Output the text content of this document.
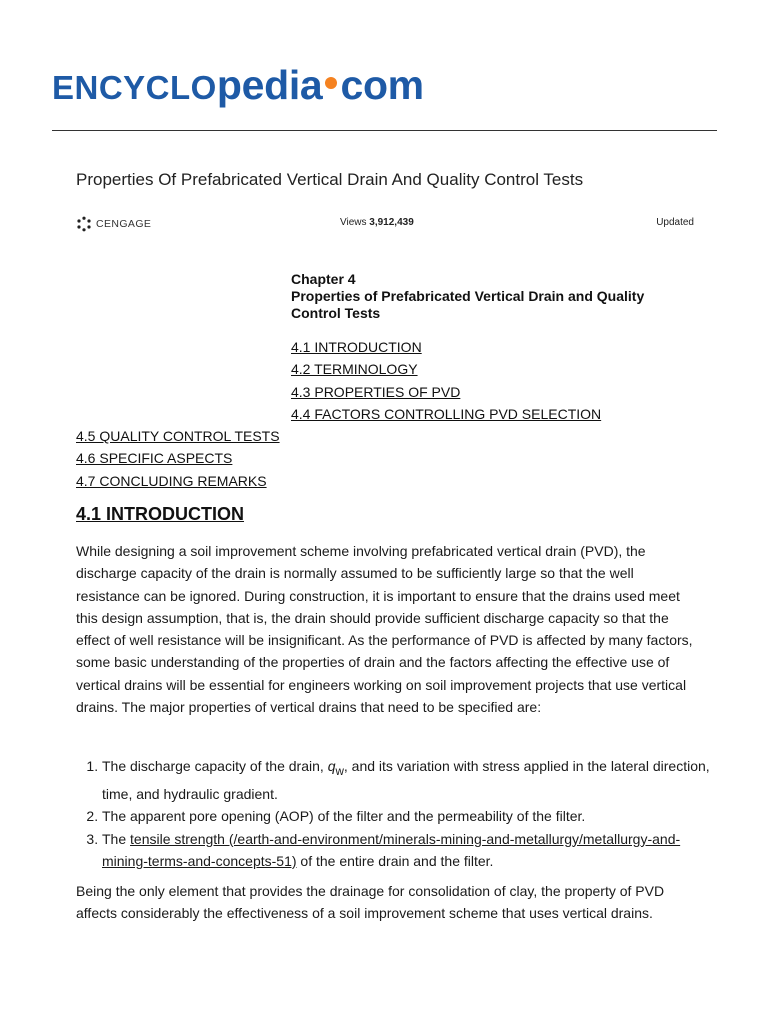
ENCYCLO pedia com
Properties Of Prefabricated Vertical Drain And Quality Control Tests
CENGAGE	Views 3,912,439	Updated
Chapter 4
Properties of Prefabricated Vertical Drain and Quality Control Tests
4.1 INTRODUCTION
4.2 TERMINOLOGY
4.3 PROPERTIES OF PVD
4.4 FACTORS CONTROLLING PVD SELECTION
4.5 QUALITY CONTROL TESTS
4.6 SPECIFIC ASPECTS
4.7 CONCLUDING REMARKS
4.1 INTRODUCTION

While designing a soil improvement scheme involving prefabricated vertical drain (PVD), the discharge capacity of the drain is normally assumed to be sufficiently large so that the well resistance can be ignored. During construction, it is important to ensure that the drains used meet this design assumption, that is, the drain should provide sufficient discharge capacity so that the effect of well resistance will be insignificant. As the performance of PVD is affected by many factors, some basic understanding of the properties of drain and the factors affecting the effective use of vertical drains will be essential for engineers working on soil improvement projects that use vertical drains. The major properties of vertical drains that need to be specified are:

1. The discharge capacity of the drain, $q_w$, and its variation with stress applied in the lateral direction, time, and hydraulic gradient.
2. The apparent pore opening (AOP) of the filter and the permeability of the filter.
3. The tensile strength (/earth-and-environment/minerals-mining-and-metallurgy/metallurgy-and-mining-terms-and-concepts-51) of the entire drain and the filter.

Being the only element that provides the drainage for consolidation of clay, the property of PVD affects considerably the effectiveness of a soil improvement scheme that uses vertical drains.
